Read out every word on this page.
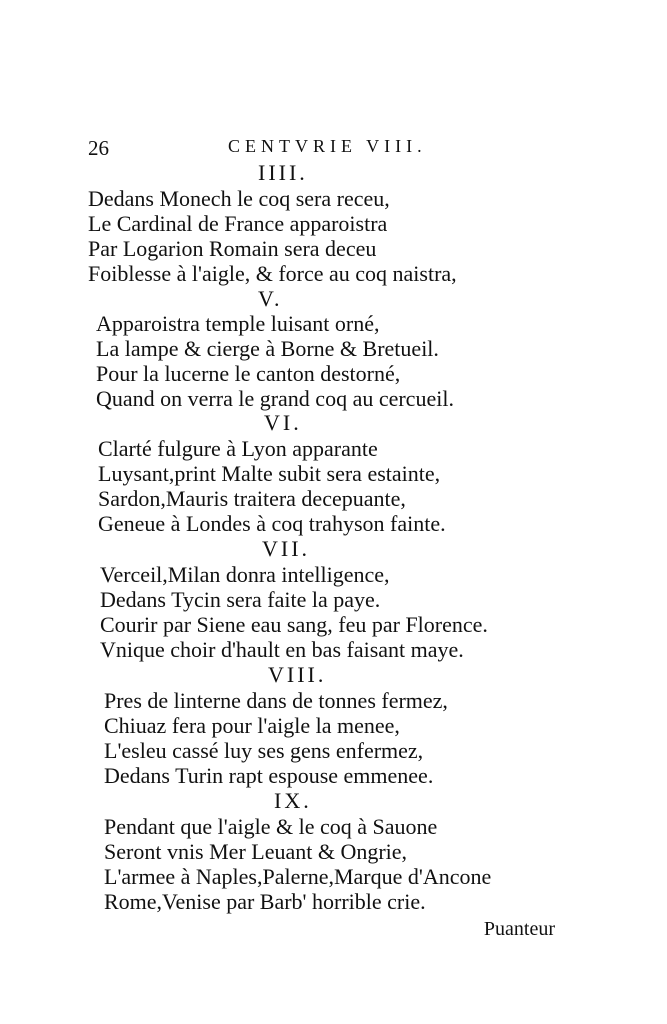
26	CENTVRIE VIII.
IIII.
Dedans Monech le coq sera receu,
Le Cardinal de France apparoistra
Par Logarion Romain sera deceu
Foiblesse à l'aigle, & force au coq naistra,
V.
Apparoistra temple luisant orné,
La lampe & cierge à Borne & Bretueil.
Pour la lucerne le canton destorné,
Quand on verra le grand coq au cercueil.
VI.
Clarté fulgure à Lyon apparante
Luysant,print Malte subit sera estainte,
Sardon,Mauris traitera decepuante,
Geneue à Londes à coq trahyson fainte.
VII.
Verceil,Milan donra intelligence,
Dedans Tycin sera faite la paye.
Courir par Siene eau sang, feu par Florence.
Vnique choir d'hault en bas faisant maye.
VIII.
Pres de linterne dans de tonnes fermez,
Chiuaz fera pour l'aigle la menee,
L'esleu cassé luy ses gens enfermez,
Dedans Turin rapt espouse emmenee.
IX.
Pendant que l'aigle & le coq à Sauone
Seront vnis Mer Leuant & Ongrie,
L'armee à Naples,Palerne,Marque d'Ancone
Rome,Venise par Barb' horrible crie.
Puanteur
